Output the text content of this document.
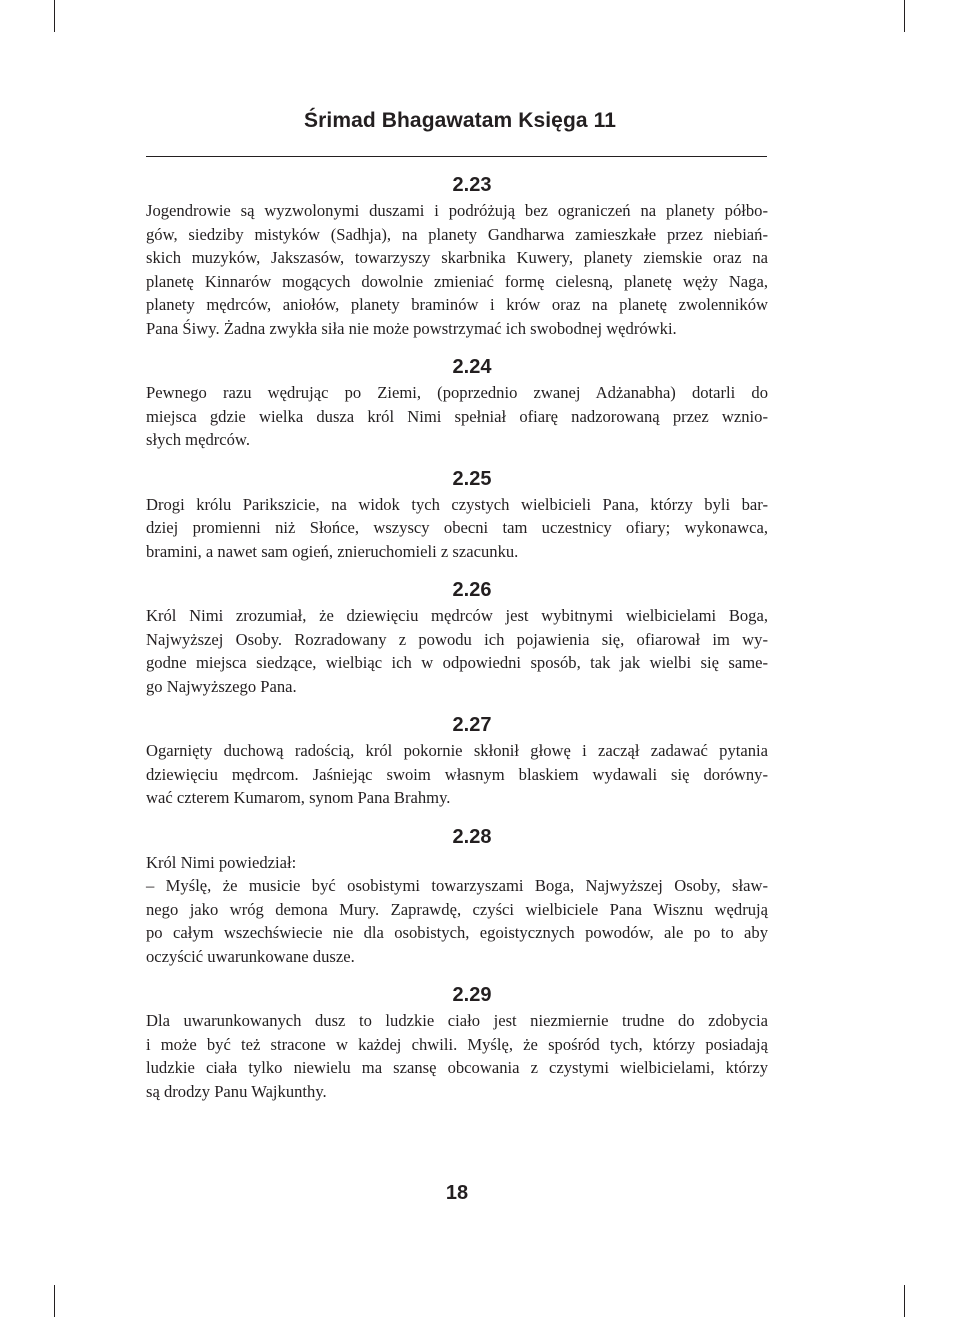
Śrimad Bhagawatam Księga 11
2.23
Jogendrowie są wyzwolonymi duszami i podróżują bez ograniczeń na planety półbo-
gów, siedziby mistyków (Sadhja), na planety Gandharwa zamieszkałe przez niebiań-
skich muzyków, Jakszasów, towarzyszy skarbnika Kuwery, planety ziemskie oraz na
planetę Kinnarów mogących dowolnie zmieniać formę cielesną, planetę węży Naga,
planety mędrców, aniołów, planety braminów i krów oraz na planetę zwolenników
Pana Śiwy. Żadna zwykła siła nie może powstrzymać ich swobodnej wędrówki.
2.24
Pewnego razu wędrując po Ziemi, (poprzednio zwanej Adżanabha) dotarli do
miejsca gdzie wielka dusza król Nimi spełniał ofiarę nadzorowaną przez wznio-
słych mędrców.
2.25
Drogi królu Parikszicie, na widok tych czystych wielbicieli Pana, którzy byli bar-
dziej promienni niż Słońce, wszyscy obecni tam uczestnicy ofiary; wykonawca,
bramini, a nawet sam ogień, znieruchomieli z szacunku.
2.26
Król Nimi zrozumiał, że dziewięciu mędrców jest wybitnymi wielbicielami Boga,
Najwyższej Osoby. Rozradowany z powodu ich pojawienia się, ofiarował im wy-
godne miejsca siedzące, wielbiąc ich w odpowiedni sposób, tak jak wielbi się same-
go Najwyższego Pana.
2.27
Ogarnięty duchową radością, król pokornie skłonił głowę i zaczął zadawać pytania
dziewięciu mędrcom. Jaśniejąc swoim własnym blaskiem wydawali się dorówny-
wać czterem Kumarom, synom Pana Brahmy.
2.28
Król Nimi powiedział:
– Myślę, że musicie być osobistymi towarzyszami Boga, Najwyższej Osoby, sław-
nego jako wróg demona Mury. Zaprawdę, czyści wielbiciele Pana Wisznu wędrują
po całym wszechświecie nie dla osobistych, egoistycznych powodów, ale po to aby
oczyścić uwarunkowane dusze.
2.29
Dla uwarunkowanych dusz to ludzkie ciało jest niezmiernie trudne do zdobycia
i może być też stracone w każdej chwili. Myślę, że spośród tych, którzy posiadają
ludzkie ciała tylko niewielu ma szansę obcowania z czystymi wielbicielami, którzy
są drodzy Panu Wajkunthy.
18
